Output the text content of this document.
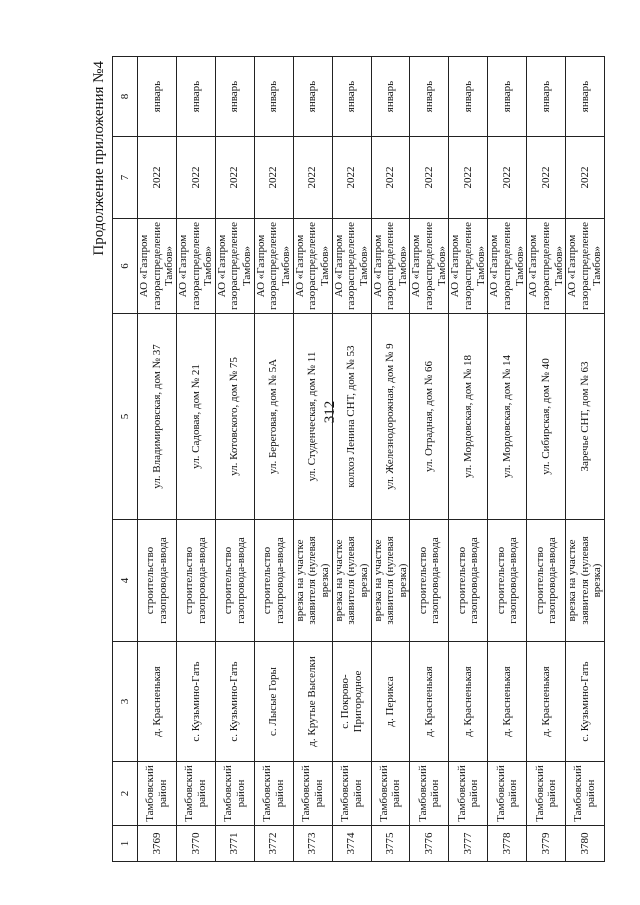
312
Продолжение приложения №4
1	2	3	4	5	6	7	8
3769	Тамбовский район	д. Красненькая	строительство газопровода-ввода	ул. Владимировская, дом № 37	АО «Газпром газораспределение Тамбов»	2022	январь
3770	Тамбовский район	с. Кузьмино-Гать	строительство газопровода-ввода	ул. Садовая, дом № 21	АО «Газпром газораспределение Тамбов»	2022	январь
3771	Тамбовский район	с. Кузьмино-Гать	строительство газопровода-ввода	ул. Котовского, дом № 75	АО «Газпром газораспределение Тамбов»	2022	январь
3772	Тамбовский район	с. Лысые Горы	строительство газопровода-ввода	ул. Береговая, дом № 5А	АО «Газпром газораспределение Тамбов»	2022	январь
3773	Тамбовский район	д. Крутые Выселки	врезка на участке заявителя (нулевая врезка)	ул. Студенческая, дом № 11	АО «Газпром газораспределение Тамбов»	2022	январь
3774	Тамбовский район	с. Покрово-Пригородное	врезка на участке заявителя (нулевая врезка)	колхоз Ленина СНТ, дом № 53	АО «Газпром газораспределение Тамбов»	2022	январь
3775	Тамбовский район	д. Перикса	врезка на участке заявителя (нулевая врезка)	ул. Железнодорожная, дом № 9	АО «Газпром газораспределение Тамбов»	2022	январь
3776	Тамбовский район	д. Красненькая	строительство газопровода-ввода	ул. Отрадная, дом № 66	АО «Газпром газораспределение Тамбов»	2022	январь
3777	Тамбовский район	д. Красненькая	строительство газопровода-ввода	ул. Мордовская, дом № 18	АО «Газпром газораспределение Тамбов»	2022	январь
3778	Тамбовский район	д. Красненькая	строительство газопровода-ввода	ул. Мордовская, дом № 14	АО «Газпром газораспределение Тамбов»	2022	январь
3779	Тамбовский район	д. Красненькая	строительство газопровода-ввода	ул. Сибирская, дом № 40	АО «Газпром газораспределение Тамбов»	2022	январь
3780	Тамбовский район	с. Кузьмино-Гать	врезка на участке заявителя (нулевая врезка)	Заречье СНТ, дом № 63	АО «Газпром газораспределение Тамбов»	2022	январь
